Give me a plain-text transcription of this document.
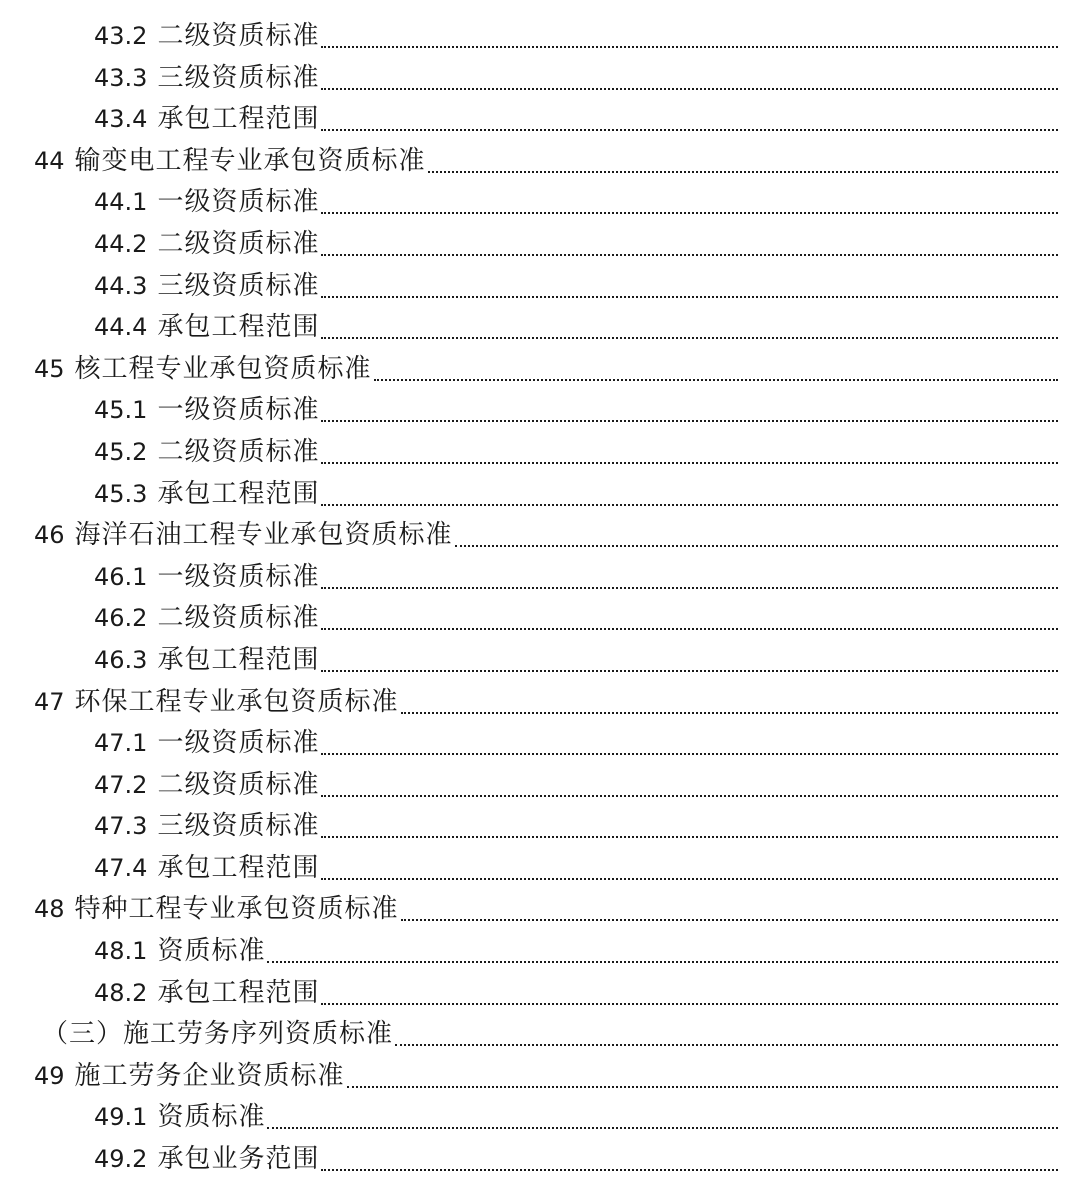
43.2 二级资质标准
43.3 三级资质标准
43.4 承包工程范围
44 输变电工程专业承包资质标准
44.1 一级资质标准
44.2 二级资质标准
44.3 三级资质标准
44.4 承包工程范围
45 核工程专业承包资质标准
45.1 一级资质标准
45.2 二级资质标准
45.3 承包工程范围
46 海洋石油工程专业承包资质标准
46.1 一级资质标准
46.2 二级资质标准
46.3 承包工程范围
47 环保工程专业承包资质标准
47.1 一级资质标准
47.2 二级资质标准
47.3 三级资质标准
47.4 承包工程范围
48 特种工程专业承包资质标准
48.1 资质标准
48.2 承包工程范围
（三）施工劳务序列资质标准
49 施工劳务企业资质标准
49.1 资质标准
49.2 承包业务范围
